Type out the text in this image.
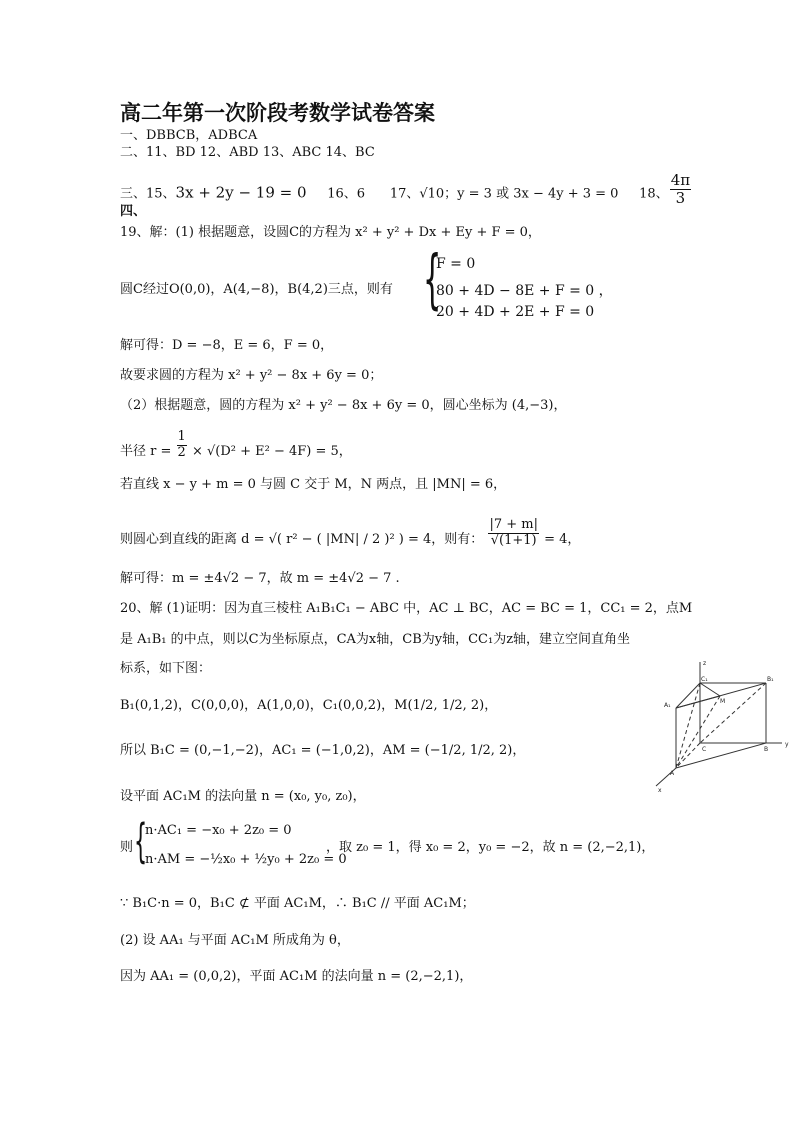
高二年第一次阶段考数学试卷答案
一、DBBCB，ADBCA
二、11、BD 12、ABD 13、ABC 14、BC
三、15、3x + 2y − 19 = 0 16、6 17、√10；y = 3 或 3x − 4y + 3 = 0 18、 $\frac{4\pi}{3}$
四、
19、解：(1) 根据题意，设圆C的方程为 x² + y² + Dx + Ey + F = 0，
圆C经过O(0,0)，A(4,−8)，B(4,2)三点，则有 {
F = 0
80 + 4D − 8E + F = 0 ，
20 + 4D + 2E + F = 0
解可得：D = −8，E = 6，F = 0，
故要求圆的方程为 x² + y² − 8x + 6y = 0；
（2）根据题意，圆的方程为 x² + y² − 8x + 6y = 0，圆心坐标为 (4,−3)，
半径 $r = \frac{1}{2} \times √(D^2 + E^2 - 4F) = 5$，
若直线 x − y + m = 0 与圆 C 交于 M，N 两点，且 |MN| = 6，
则圆心到直线的距离 d = √( r² − ( |MN| / 2 )² ) = 4，则有： $\frac{|7 + m|}{√(1+1)} = 4$，
解可得：m = ±4√2 − 7，故 m = ±4√2 − 7 .
20、解 (1)证明：因为直三棱柱 A₁B₁C₁ − ABC 中，AC ⊥ BC，AC = BC = 1，CC₁ = 2，点M
是 A₁B₁ 的中点，则以C为坐标原点，CA为x轴，CB为y轴，CC₁为z轴，建立空间直角坐
标系，如下图：
B₁(0,1,2)，C(0,0,0)，A(1,0,0)，C₁(0,0,2)，M(1/2, 1/2, 2)，
所以 B₁C = (0,−1,−2)，AC₁ = (−1,0,2)，AM = (−1/2, 1/2, 2)，
设平面 AC₁M 的法向量 n = (x₀, y₀, z₀)，
则 {
n·AC₁ = −x₀ + 2z₀ = 0
n·AM = −½x₀ + ½y₀ + 2z₀ = 0
，取 z₀ = 1，得 x₀ = 2，y₀ = −2，故 n = (2,−2,1)，
∵ B₁C·n = 0，B₁C ⊄ 平面 AC₁M，∴ B₁C // 平面 AC₁M；
(2) 设 AA₁ 与平面 AC₁M 所成角为 θ，
因为 AA₁ = (0,0,2)，平面 AC₁M 的法向量 n = (2,−2,1)，
z
C₁	B₁
A₁
M
C	B
y
A
x
